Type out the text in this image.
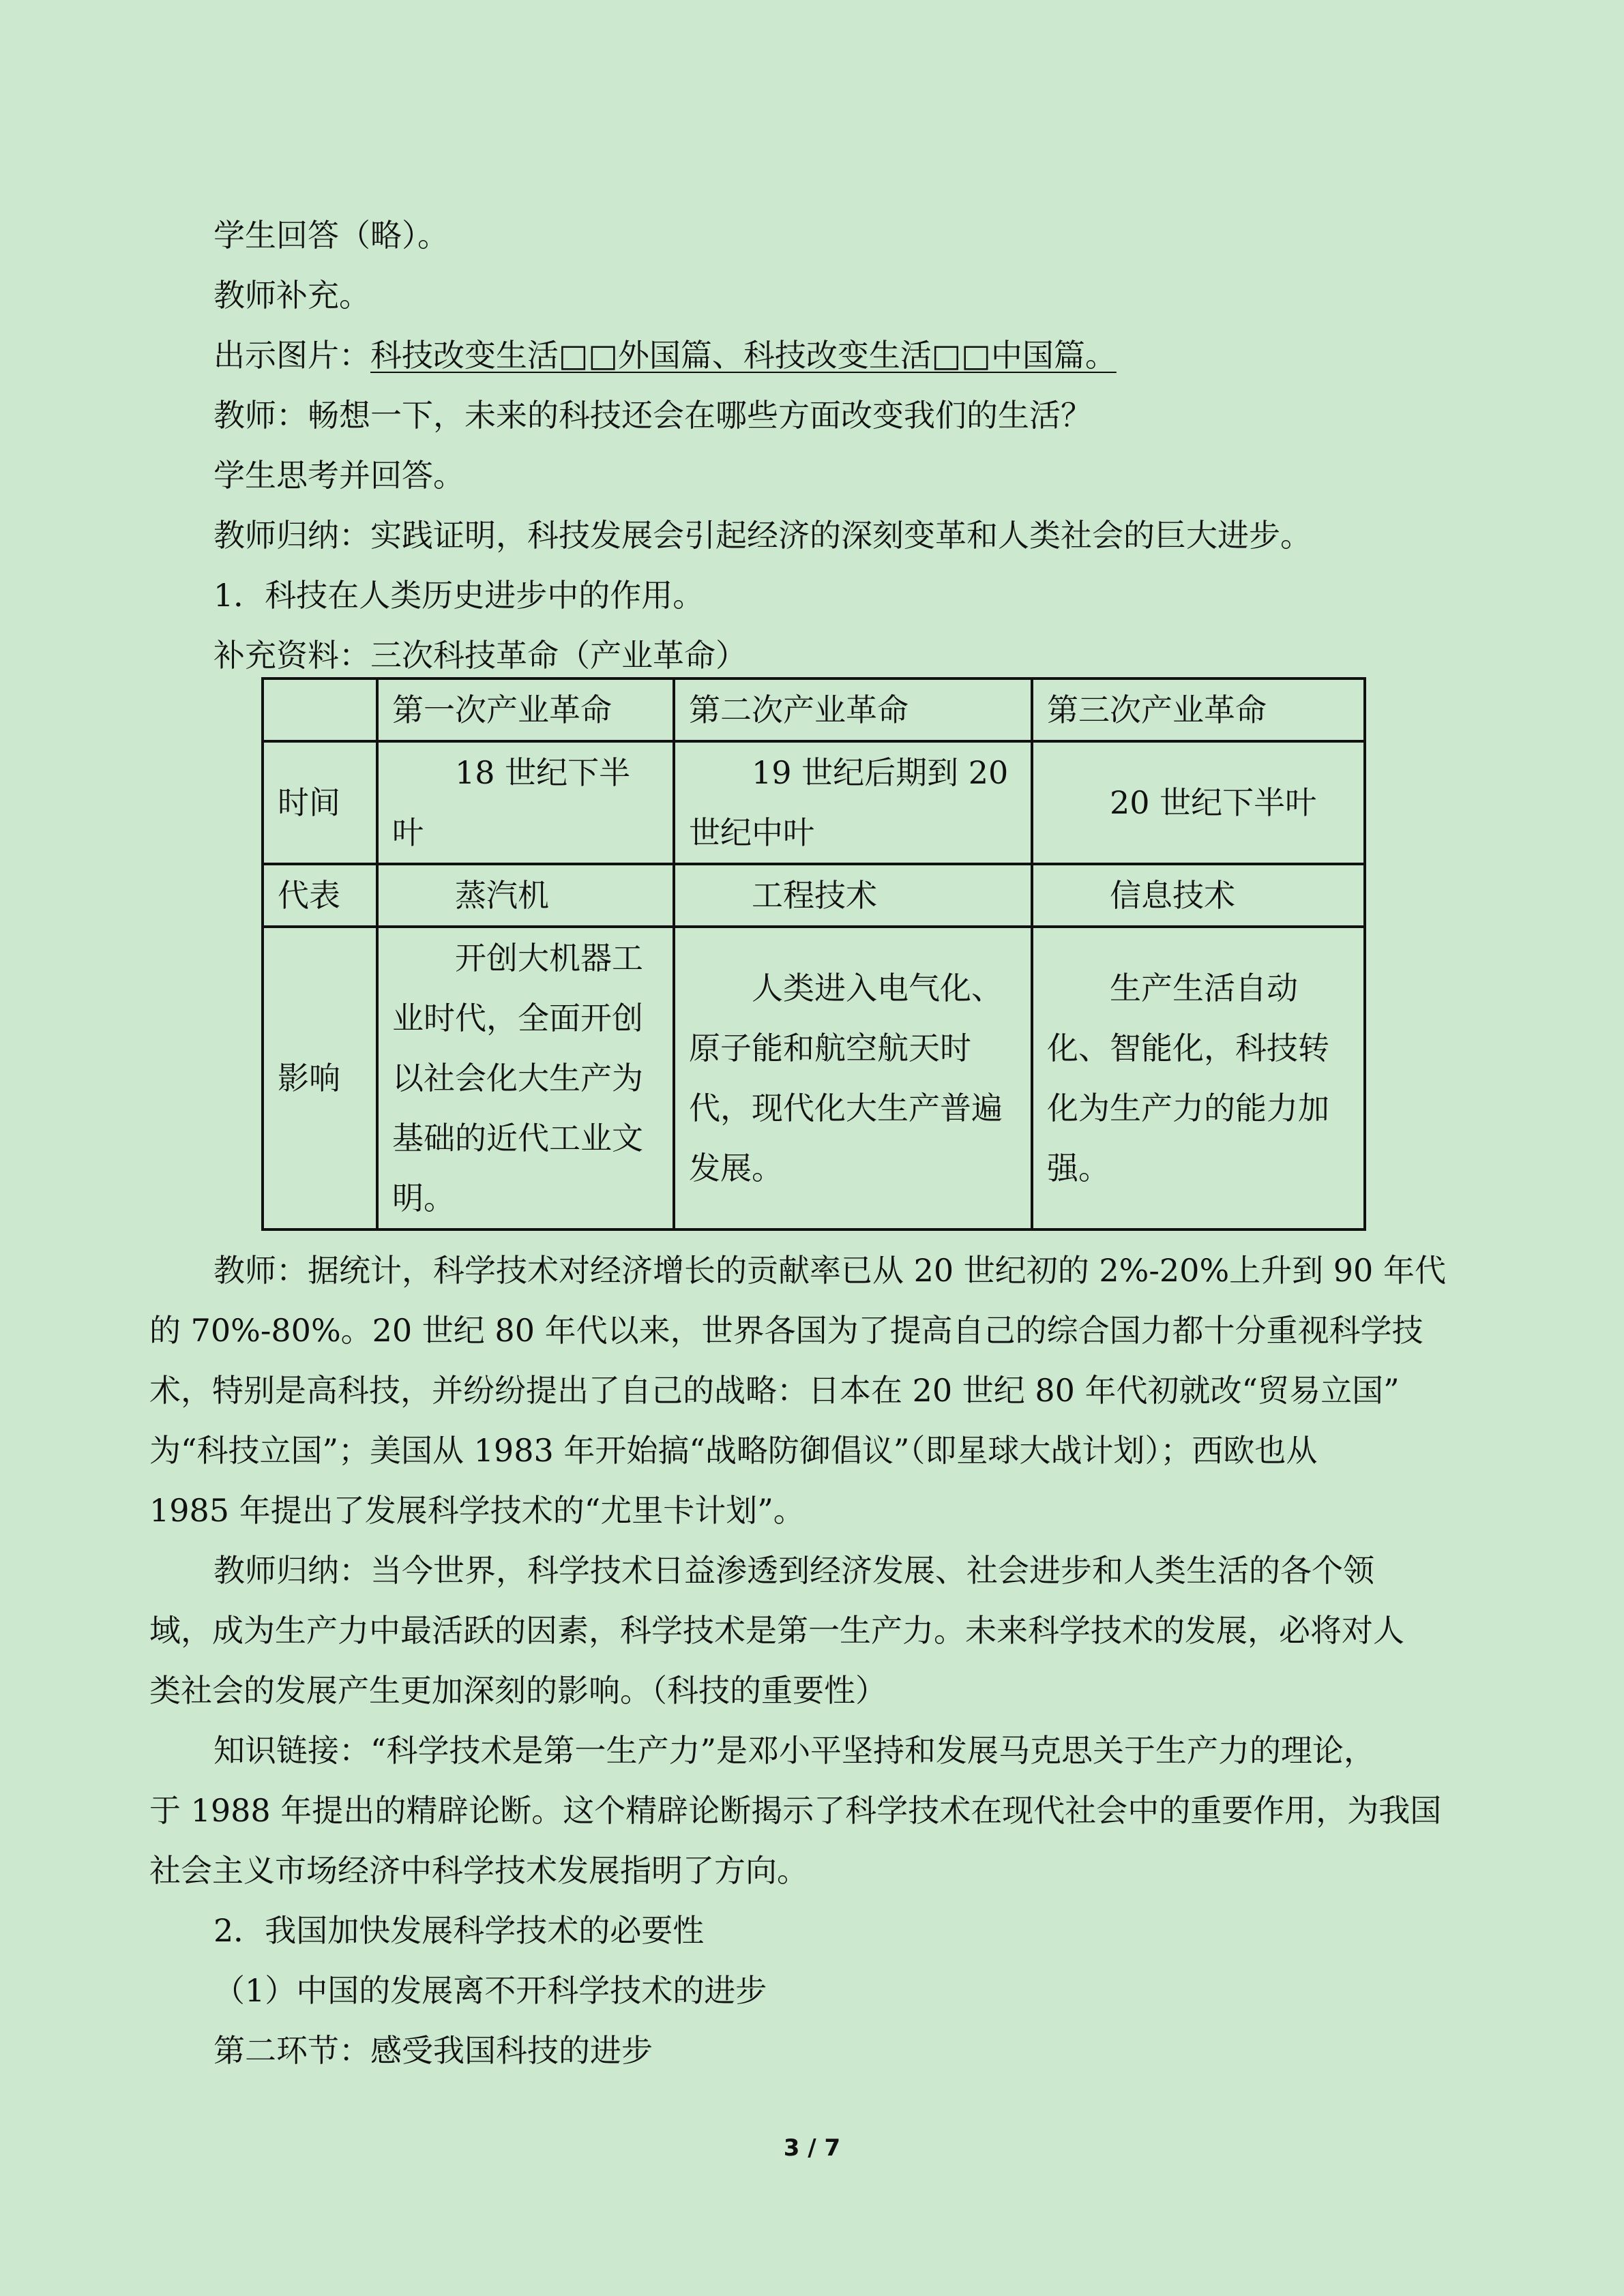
学生回答（略）。
教师补充。
出示图片：科技改变生活□□外国篇、科技改变生活□□中国篇。
教师：畅想一下，未来的科技还会在哪些方面改变我们的生活？
学生思考并回答。
教师归纳：实践证明，科技发展会引起经济的深刻变革和人类社会的巨大进步。
1．科技在人类历史进步中的作用。
补充资料：三次科技革命（产业革命）
	第一次产业革命	第二次产业革命	第三次产业革命
时间	18 世纪下半叶	19 世纪后期到 20 世纪中叶	20 世纪下半叶
代表	蒸汽机	工程技术	信息技术
影响	开创大机器工业时代，全面开创以社会化大生产为基础的近代工业文明。	人类进入电气化、原子能和航空航天时代，现代化大生产普遍发展。	生产生活自动化、智能化，科技转化为生产力的能力加强。
教师：据统计，科学技术对经济增长的贡献率已从 20 世纪初的 2%-20%上升到 90 年代
的 70%-80%。20 世纪 80 年代以来，世界各国为了提高自己的综合国力都十分重视科学技
术，特别是高科技，并纷纷提出了自己的战略：日本在 20 世纪 80 年代初就改“贸易立国”
为“科技立国”；美国从 1983 年开始搞“战略防御倡议”（即星球大战计划）；西欧也从
1985 年提出了发展科学技术的“尤里卡计划”。
教师归纳：当今世界，科学技术日益渗透到经济发展、社会进步和人类生活的各个领
域，成为生产力中最活跃的因素，科学技术是第一生产力。未来科学技术的发展，必将对人
类社会的发展产生更加深刻的影响。（科技的重要性）
知识链接：“科学技术是第一生产力”是邓小平坚持和发展马克思关于生产力的理论，
于 1988 年提出的精辟论断。这个精辟论断揭示了科学技术在现代社会中的重要作用，为我国
社会主义市场经济中科学技术发展指明了方向。
2．我国加快发展科学技术的必要性
（1）中国的发展离不开科学技术的进步
第二环节：感受我国科技的进步
3 / 7
